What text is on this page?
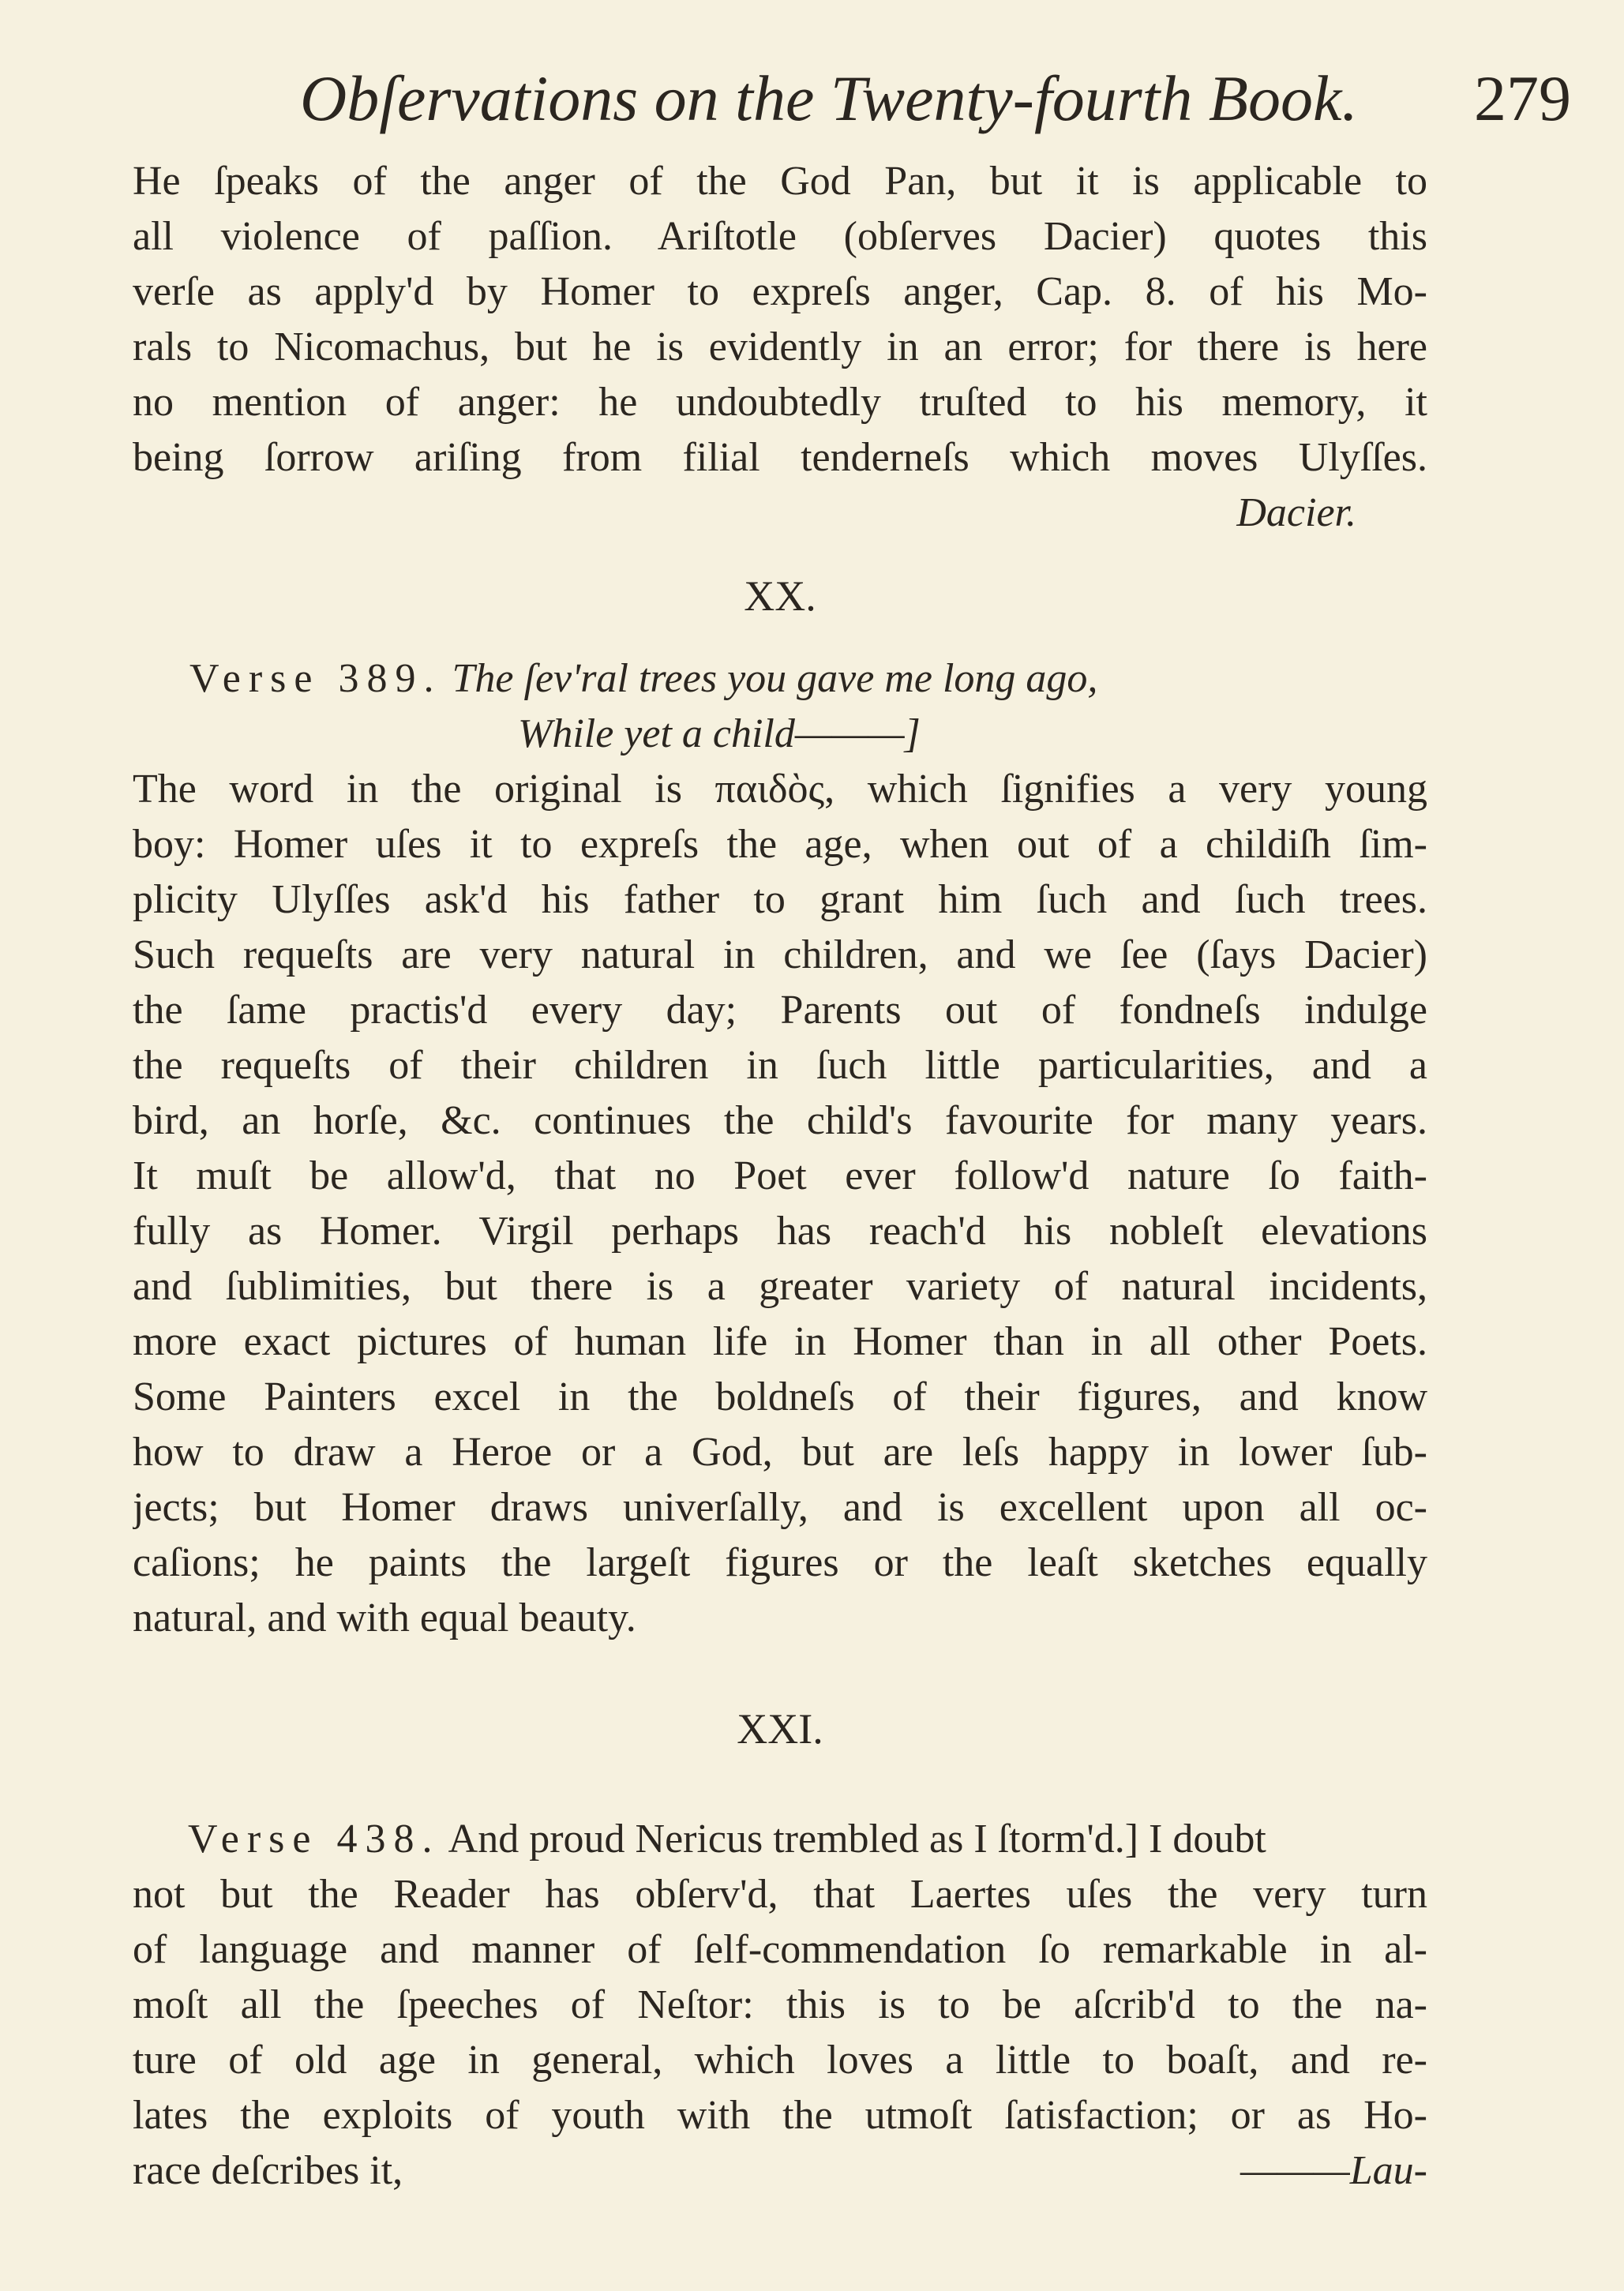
Obſervations on the Twenty-fourth Book.	279
He ſpeaks of the anger of the God Pan, but it is applicable to
all violence of paſſion. Ariſtotle (obſerves Dacier) quotes this
verſe as apply'd by Homer to expreſs anger, Cap. 8. of his Mo-
rals to Nicomachus, but he is evidently in an error; for there is here
no mention of anger: he undoubtedly truſted to his memory, it
being ſorrow ariſing from filial tenderneſs which moves Ulyſſes.
Dacier.
XX.
Verse 389. The ſev'ral trees you gave me long ago,
While yet a child———]
The word in the original is παιδὸς, which ſignifies a very young
boy: Homer uſes it to expreſs the age, when out of a childiſh ſim-
plicity Ulyſſes ask'd his father to grant him ſuch and ſuch trees.
Such requeſts are very natural in children, and we ſee (ſays Dacier)
the ſame practis'd every day; Parents out of fondneſs indulge
the requeſts of their children in ſuch little particularities, and a
bird, an horſe, &c. continues the child's favourite for many years.
It muſt be allow'd, that no Poet ever follow'd nature ſo faith-
fully as Homer. Virgil perhaps has reach'd his nobleſt elevations
and ſublimities, but there is a greater variety of natural incidents,
more exact pictures of human life in Homer than in all other Poets.
Some Painters excel in the boldneſs of their figures, and know
how to draw a Heroe or a God, but are leſs happy in lower ſub-
jects; but Homer draws univerſally, and is excellent upon all oc-
caſions; he paints the largeſt figures or the leaſt sketches equally
natural, and with equal beauty.
XXI.
Verse 438. And proud Nericus trembled as I ſtorm'd.] I doubt
not but the Reader has obſerv'd, that Laertes uſes the very turn
of language and manner of ſelf-commendation ſo remarkable in al-
moſt all the ſpeeches of Neſtor: this is to be aſcrib'd to the na-
ture of old age in general, which loves a little to boaſt, and re-
lates the exploits of youth with the utmoſt ſatisfaction; or as Ho-
race deſcribes it,	———Lau-
